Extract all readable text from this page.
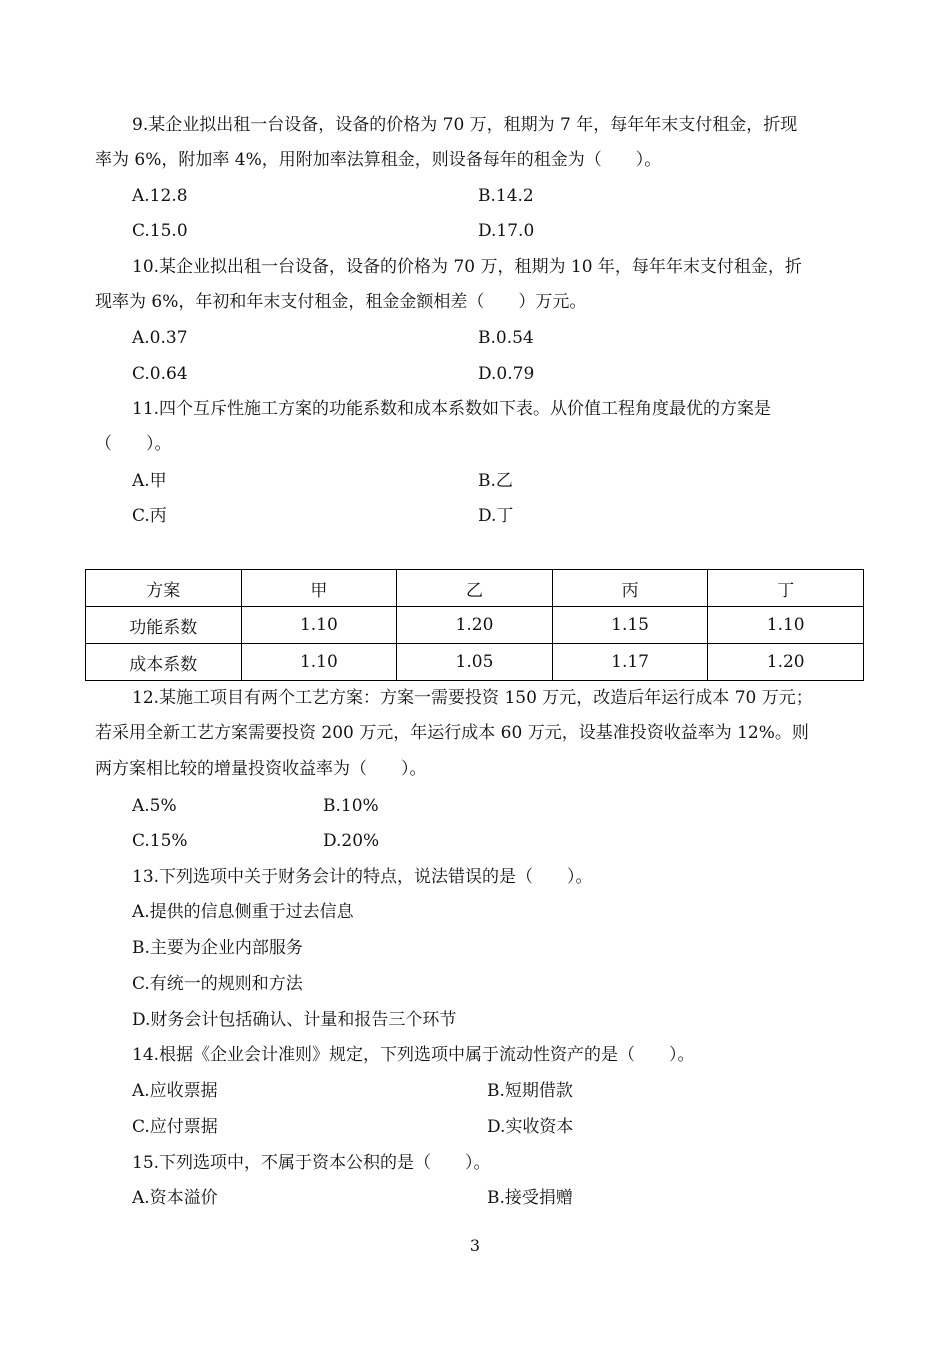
9.某企业拟出租一台设备，设备的价格为 70 万，租期为 7 年，每年年末支付租金，折现
率为 6%，附加率 4%，用附加率法算租金，则设备每年的租金为（　　）。
A.12.8	B.14.2
C.15.0	D.17.0
10.某企业拟出租一台设备，设备的价格为 70 万，租期为 10 年，每年年末支付租金，折
现率为 6%，年初和年末支付租金，租金金额相差（　　）万元。
A.0.37	B.0.54
C.0.64	D.0.79
11.四个互斥性施工方案的功能系数和成本系数如下表。从价值工程角度最优的方案是
（　　）。
A.甲	B.乙
C.丙	D.丁
方案	甲	乙	丙	丁
功能系数	1.10	1.20	1.15	1.10
成本系数	1.10	1.05	1.17	1.20
12.某施工项目有两个工艺方案：方案一需要投资 150 万元，改造后年运行成本 70 万元；
若采用全新工艺方案需要投资 200 万元，年运行成本 60 万元，设基准投资收益率为 12%。则
两方案相比较的增量投资收益率为（　　）。
A.5%	B.10%
C.15%	D.20%
13.下列选项中关于财务会计的特点，说法错误的是（　　）。
A.提供的信息侧重于过去信息
B.主要为企业内部服务
C.有统一的规则和方法
D.财务会计包括确认、计量和报告三个环节
14.根据《企业会计准则》规定，下列选项中属于流动性资产的是（　　）。
A.应收票据	B.短期借款
C.应付票据	D.实收资本
15.下列选项中，不属于资本公积的是（　　）。
A.资本溢价	B.接受捐赠
3
